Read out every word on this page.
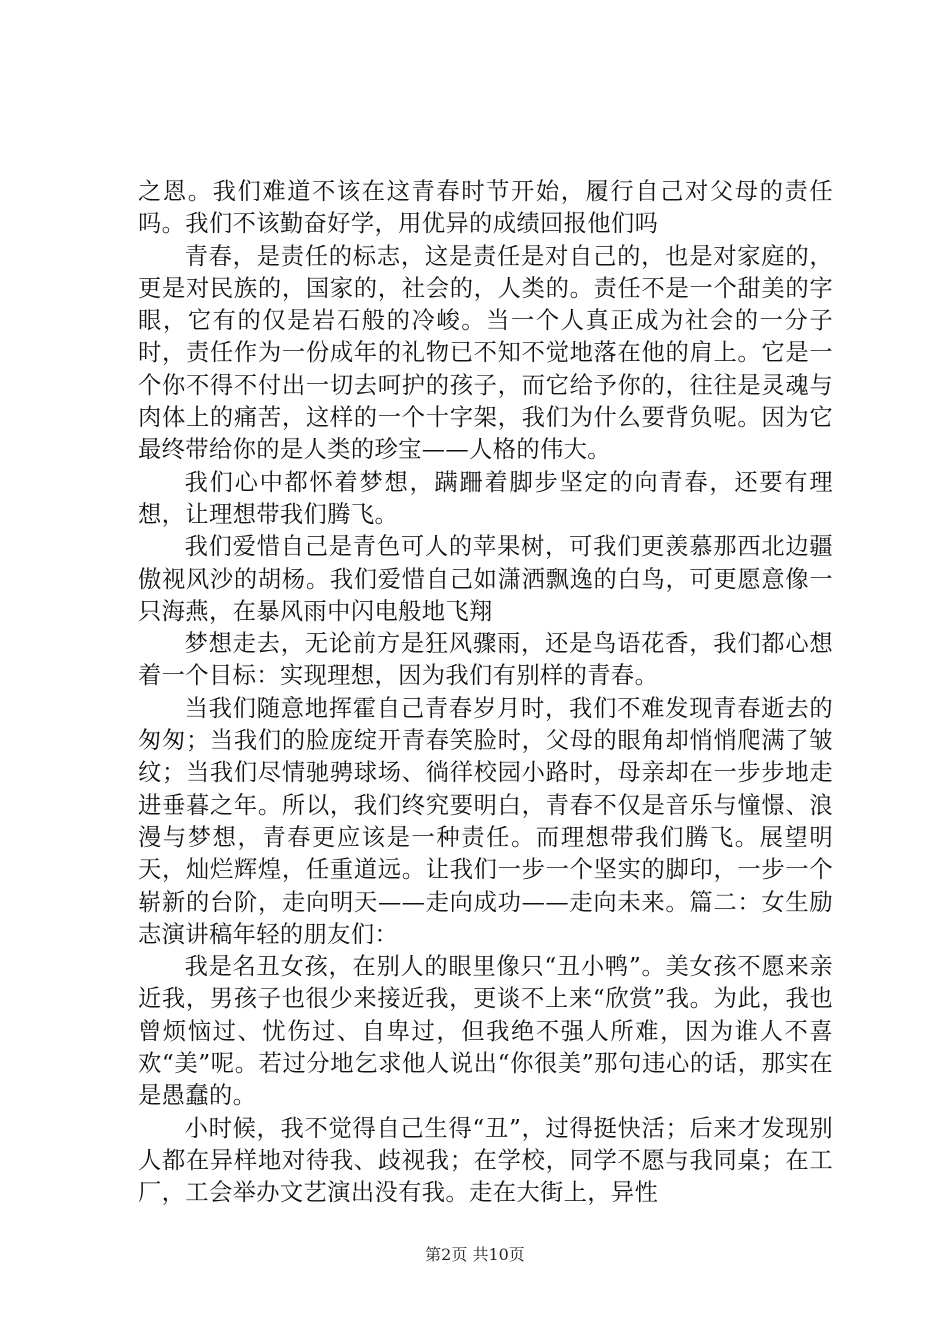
之恩。我们难道不该在这青春时节开始，履行自己对父母的责任吗。我们不该勤奋好学，用优异的成绩回报他们吗

青春，是责任的标志，这是责任是对自己的，也是对家庭的，更是对民族的，国家的，社会的，人类的。责任不是一个甜美的字眼，它有的仅是岩石般的冷峻。当一个人真正成为社会的一分子时，责任作为一份成年的礼物已不知不觉地落在他的肩上。它是一个你不得不付出一切去呵护的孩子，而它给予你的，往往是灵魂与肉体上的痛苦，这样的一个十字架，我们为什么要背负呢。因为它最终带给你的是人类的珍宝——人格的伟大。

我们心中都怀着梦想，蹒跚着脚步坚定的向青春，还要有理想，让理想带我们腾飞。

我们爱惜自己是青色可人的苹果树，可我们更羡慕那西北边疆傲视风沙的胡杨。我们爱惜自己如潇洒飘逸的白鸟，可更愿意像一只海燕，在暴风雨中闪电般地飞翔

梦想走去，无论前方是狂风骤雨，还是鸟语花香，我们都心想着一个目标：实现理想，因为我们有别样的青春。

当我们随意地挥霍自己青春岁月时，我们不难发现青春逝去的匆匆；当我们的脸庞绽开青春笑脸时，父母的眼角却悄悄爬满了皱纹；当我们尽情驰骋球场、徜徉校园小路时，母亲却在一步步地走进垂暮之年。所以，我们终究要明白，青春不仅是音乐与憧憬、浪漫与梦想，青春更应该是一种责任。而理想带我们腾飞。展望明天，灿烂辉煌，任重道远。让我们一步一个坚实的脚印，一步一个崭新的台阶，走向明天——走向成功——走向未来。篇二：女生励志演讲稿年轻的朋友们：

我是名丑女孩，在别人的眼里像只“丑小鸭”。美女孩不愿来亲近我，男孩子也很少来接近我，更谈不上来“欣赏”我。为此，我也曾烦恼过、忧伤过、自卑过，但我绝不强人所难，因为谁人不喜欢“美”呢。若过分地乞求他人说出“你很美”那句违心的话，那实在是愚蠢的。

小时候，我不觉得自己生得“丑”，过得挺快活；后来才发现别人都在异样地对待我、歧视我；在学校，同学不愿与我同桌；在工厂，工会举办文艺演出没有我。走在大街上，异性

第2页 共10页
